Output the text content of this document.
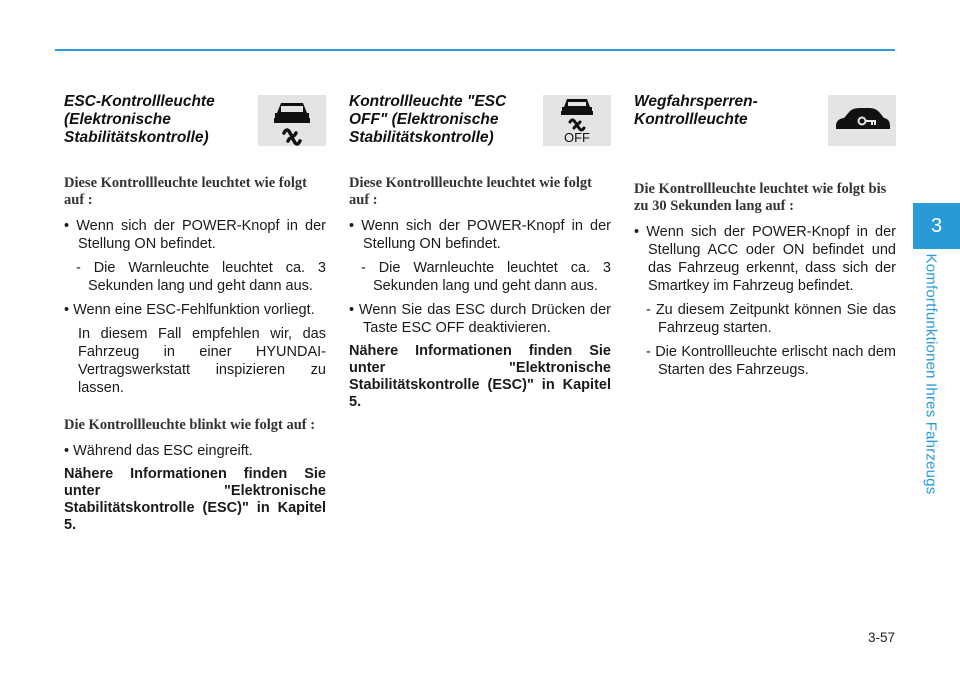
ESC-Kontrollleuchte (Elektronische Stabilitätskontrolle)
Diese Kontrollleuchte leuchtet wie folgt auf :
• Wenn sich der POWER-Knopf in der Stellung ON befindet.
- Die Warnleuchte leuchtet ca. 3 Sekunden lang und geht dann aus.
• Wenn eine ESC-Fehlfunktion vorliegt.
In diesem Fall empfehlen wir, das Fahrzeug in einer HYUNDAI-Vertragswerkstatt inspizieren zu lassen.
Die Kontrollleuchte blinkt wie folgt auf :
• Während das ESC eingreift.
Nähere Informationen finden Sie unter "Elektronische Stabilitätskontrolle (ESC)" in Kapitel 5.
Kontrollleuchte "ESC OFF" (Elektronische Stabilitätskontrolle)	OFF
Diese Kontrollleuchte leuchtet wie folgt auf :
• Wenn sich der POWER-Knopf in der Stellung ON befindet.
- Die Warnleuchte leuchtet ca. 3 Sekunden lang und geht dann aus.
• Wenn Sie das ESC durch Drücken der Taste ESC OFF deaktivieren.
Nähere Informationen finden Sie unter "Elektronische Stabilitätskontrolle (ESC)" in Kapitel 5.
Wegfahrsperren-Kontrollleuchte
Die Kontrollleuchte leuchtet wie folgt bis zu 30 Sekunden lang auf :
• Wenn sich der POWER-Knopf in der Stellung ACC oder ON befindet und das Fahrzeug erkennt, dass sich der Smartkey im Fahrzeug befindet.
- Zu diesem Zeitpunkt können Sie das Fahrzeug starten.
- Die Kontrollleuchte erlischt nach dem Starten des Fahrzeugs.
3
Komfortfunktionen Ihres Fahrzeugs
3-57
